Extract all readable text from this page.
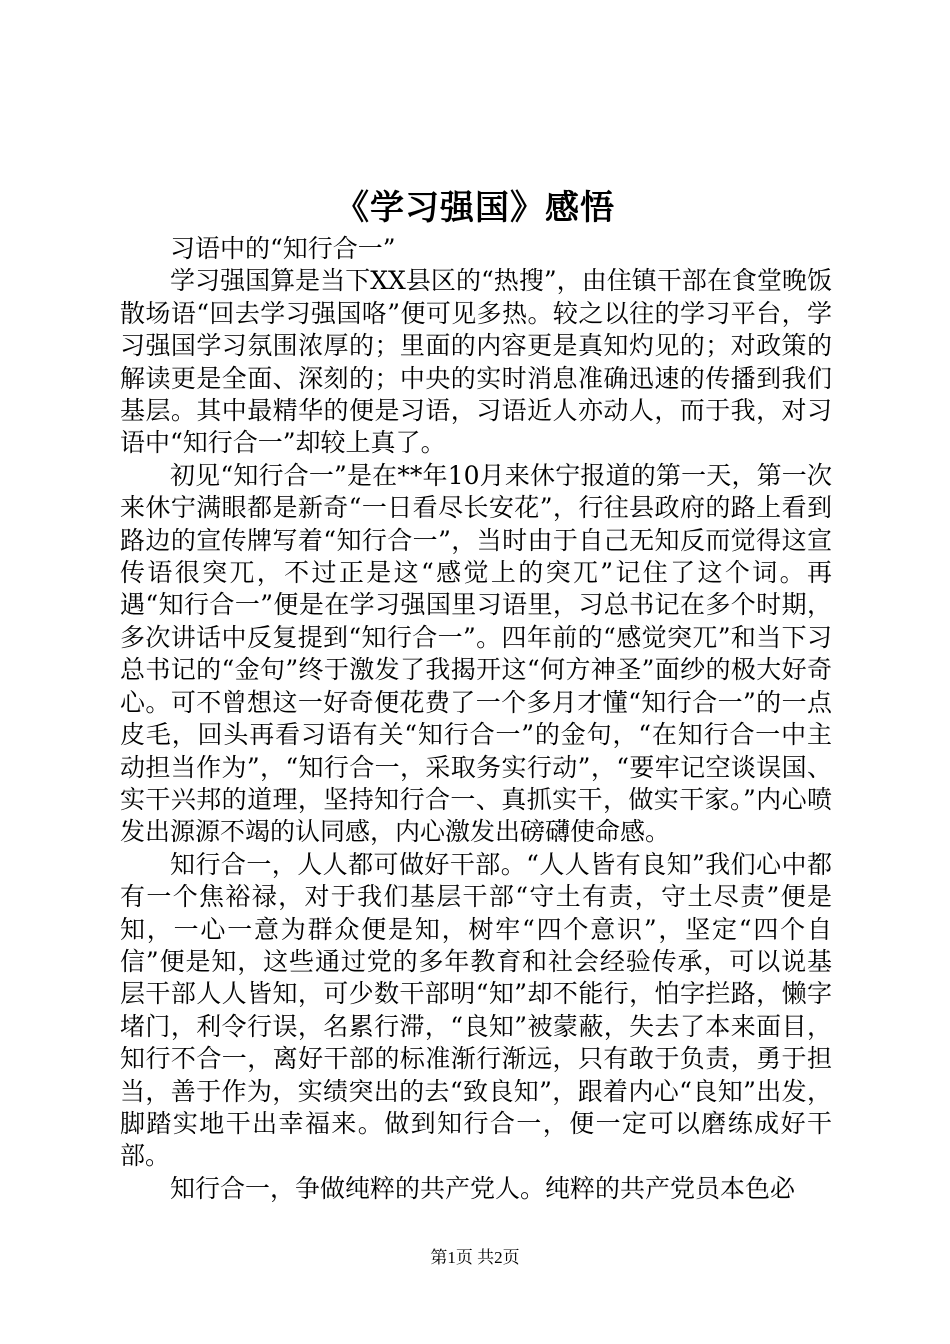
《学习强国》感悟

习语中的“知行合一”

学习强国算是当下XX县区的“热搜”，由住镇干部在食堂晚饭散场语“回去学习强国咯”便可见多热。较之以往的学习平台，学习强国学习氛围浓厚的；里面的内容更是真知灼见的；对政策的解读更是全面、深刻的；中央的实时消息准确迅速的传播到我们基层。其中最精华的便是习语，习语近人亦动人，而于我，对习语中“知行合一”却较上真了。

初见“知行合一”是在**年10月来休宁报道的第一天，第一次来休宁满眼都是新奇“一日看尽长安花”，行往县政府的路上看到路边的宣传牌写着“知行合一”，当时由于自己无知反而觉得这宣传语很突兀，不过正是这“感觉上的突兀”记住了这个词。再遇“知行合一”便是在学习强国里习语里，习总书记在多个时期，多次讲话中反复提到“知行合一”。四年前的“感觉突兀”和当下习总书记的“金句”终于激发了我揭开这“何方神圣”面纱的极大好奇心。可不曾想这一好奇便花费了一个多月才懂“知行合一”的一点皮毛，回头再看习语有关“知行合一”的金句，“在知行合一中主动担当作为”，“知行合一，采取务实行动”，“要牢记空谈误国、实干兴邦的道理，坚持知行合一、真抓实干，做实干家。”内心喷发出源源不竭的认同感，内心激发出磅礴使命感。

知行合一，人人都可做好干部。“人人皆有良知”我们心中都有一个焦裕禄，对于我们基层干部“守土有责，守土尽责”便是知，一心一意为群众便是知，树牢“四个意识”，坚定“四个自信”便是知，这些通过党的多年教育和社会经验传承，可以说基层干部人人皆知，可少数干部明“知”却不能行，怕字拦路，懒字堵门，利令行误，名累行滞，“良知”被蒙蔽，失去了本来面目，知行不合一，离好干部的标准渐行渐远，只有敢于负责，勇于担当，善于作为，实绩突出的去“致良知”，跟着内心“良知”出发，脚踏实地干出幸福来。做到知行合一，便一定可以磨练成好干部。

知行合一，争做纯粹的共产党人。纯粹的共产党员本色必

第1页 共2页
